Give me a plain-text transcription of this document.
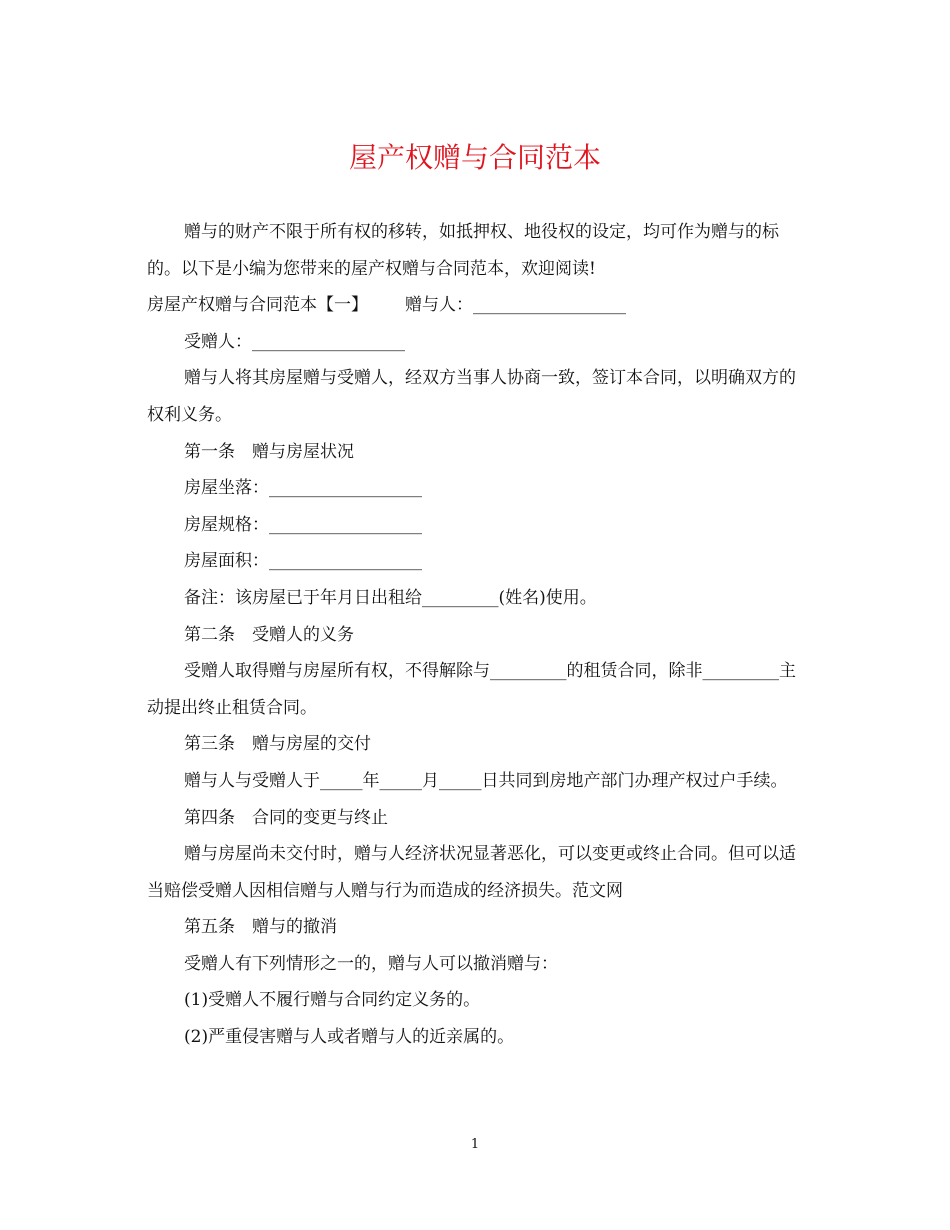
屋产权赠与合同范本

赠与的财产不限于所有权的移转，如抵押权、地役权的设定，均可作为赠与的标的。以下是小编为您带来的屋产权赠与合同范本，欢迎阅读!

房屋产权赠与合同范本【一】 赠与人：__________________

受赠人：__________________

赠与人将其房屋赠与受赠人，经双方当事人协商一致，签订本合同，以明确双方的权利义务。

第一条　赠与房屋状况

房屋坐落：__________________

房屋规格：__________________

房屋面积：__________________

备注：该房屋已于年月日出租给_________(姓名)使用。

第二条　受赠人的义务

受赠人取得赠与房屋所有权，不得解除与_________的租赁合同，除非_________主动提出终止租赁合同。

第三条　赠与房屋的交付

赠与人与受赠人于_____年_____月_____日共同到房地产部门办理产权过户手续。

第四条　合同的变更与终止

赠与房屋尚未交付时，赠与人经济状况显著恶化，可以变更或终止合同。但可以适当赔偿受赠人因相信赠与人赠与行为而造成的经济损失。范文网

第五条　赠与的撤消

受赠人有下列情形之一的，赠与人可以撤消赠与：

(1)受赠人不履行赠与合同约定义务的。

(2)严重侵害赠与人或者赠与人的近亲属的。

1
